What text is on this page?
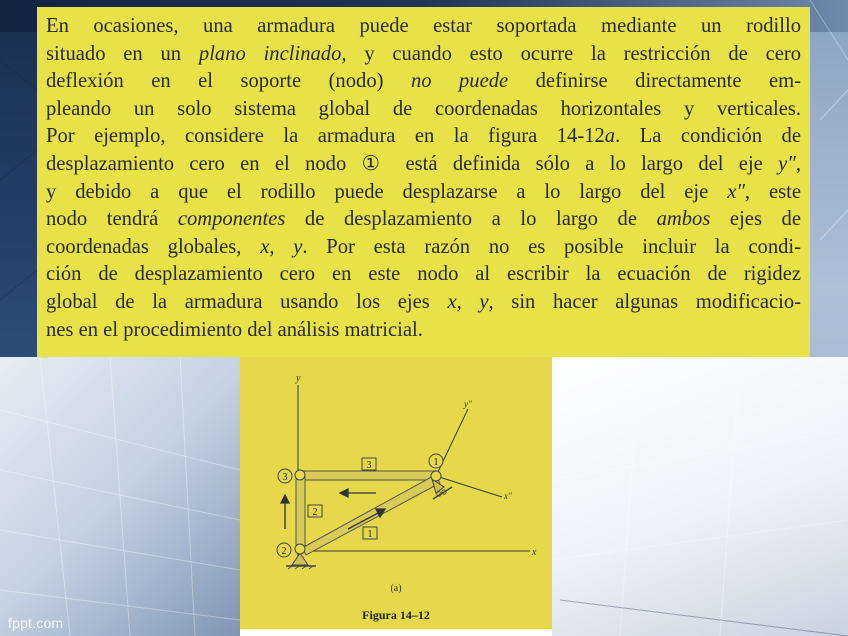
En ocasiones, una armadura puede estar soportada mediante un rodillo
situado en un plano inclinado, y cuando esto ocurre la restricción de cero
deflexión en el soporte (nodo) no puede definirse directamente em-
pleando un solo sistema global de coordenadas horizontales y verticales.
Por ejemplo, considere la armadura en la figura 14-12a. La condición de
desplazamiento cero en el nodo ① está definida sólo a lo largo del eje y″,
y debido a que el rodillo puede desplazarse a lo largo del eje x″, este
nodo tendrá componentes de desplazamiento a lo largo de ambos ejes de
coordenadas globales, x, y. Por esta razón no es posible incluir la condi-
ción de desplazamiento cero en este nodo al escribir la ecuación de rigidez
global de la armadura usando los ejes x, y, sin hacer algunas modificacio-
nes en el procedimiento del análisis matricial.

y
x
y″
x″
3
2
1
3
2
1
(a)
Figura 14–12
fppt.com
